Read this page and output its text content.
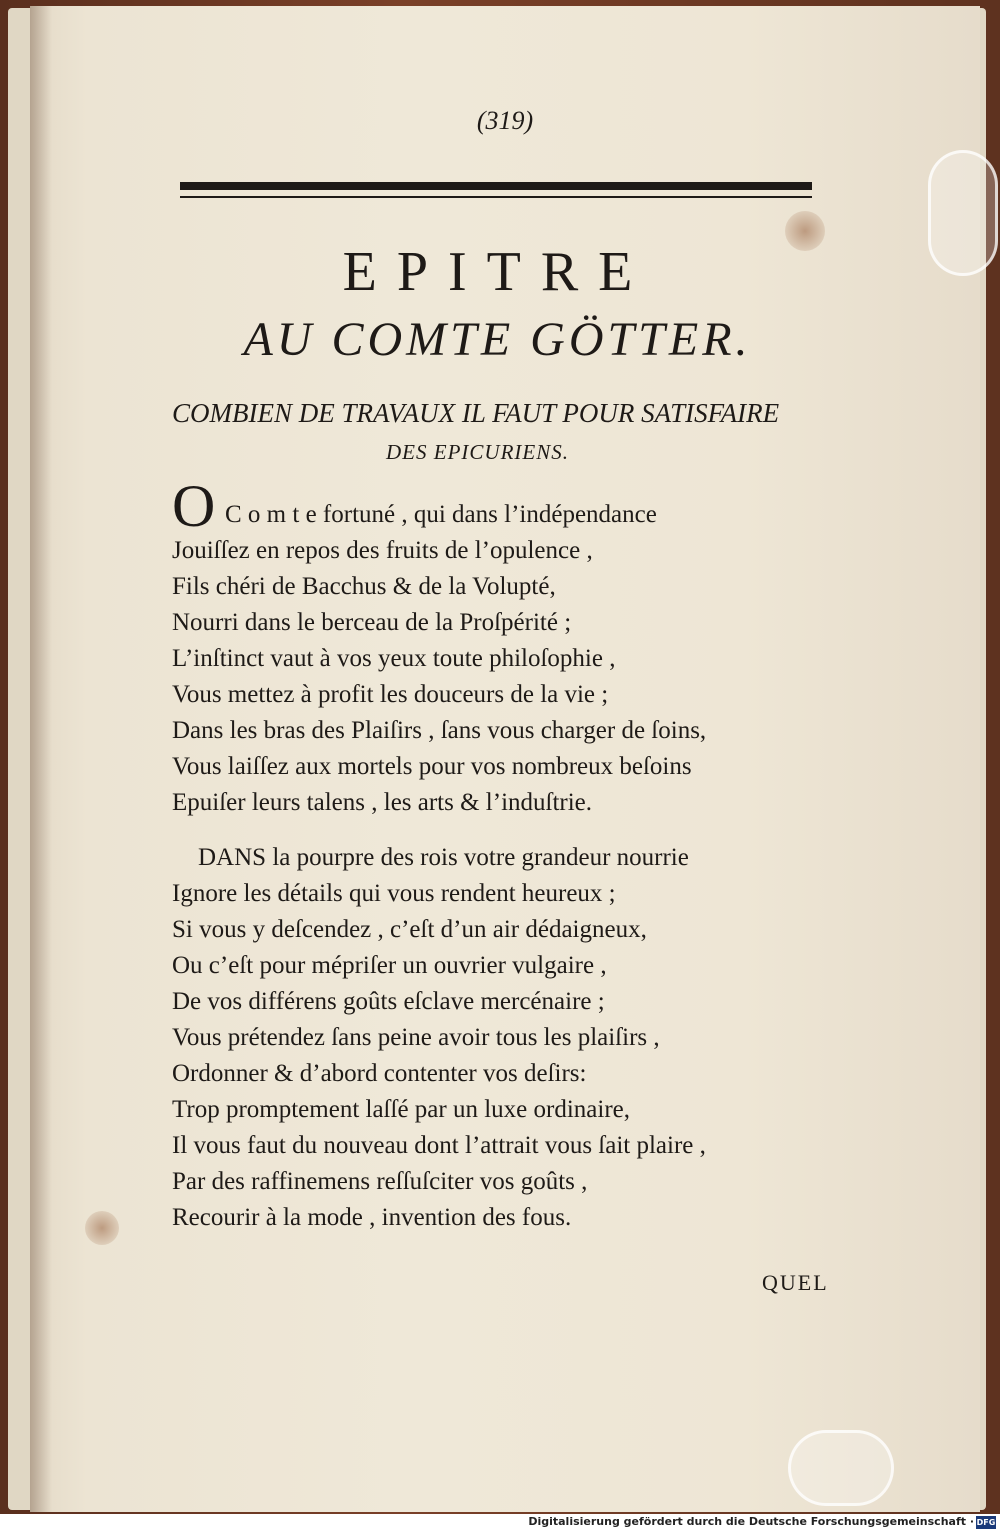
(319)
EPITRE
AU COMTE GÖTTER.
COMBIEN DE TRAVAUX IL FAUT POUR SATISFAIRE
DES EPICURIENS.
O C o m t e fortuné , qui dans l’indépendance
Jouiſſez en repos des fruits de l’opulence ,
Fils chéri de Bacchus & de la Volupté,
Nourri dans le berceau de la Proſpérité ;
L’inſtinct vaut à vos yeux toute philoſophie ,
Vous mettez à profit les douceurs de la vie ;
Dans les bras des Plaiſirs , ſans vous charger de ſoins,
Vous laiſſez aux mortels pour vos nombreux beſoins
Epuiſer leurs talens , les arts & l’induſtrie.
DANS la pourpre des rois votre grandeur nourrie
Ignore les détails qui vous rendent heureux ;
Si vous y deſcendez , c’eſt d’un air dédaigneux,
Ou c’eſt pour mépriſer un ouvrier vulgaire ,
De vos différens goûts eſclave mercénaire ;
Vous prétendez ſans peine avoir tous les plaiſirs ,
Ordonner & d’abord contenter vos deſirs:
Trop promptement laſſé par un luxe ordinaire,
Il vous faut du nouveau dont l’attrait vous ſait plaire ,
Par des raffinemens reſſuſciter vos goûts ,
Recourir à la mode , invention des fous.
QUEL
Digitalisierung gefördert durch die Deutsche Forschungsgemeinschaft · DFG
